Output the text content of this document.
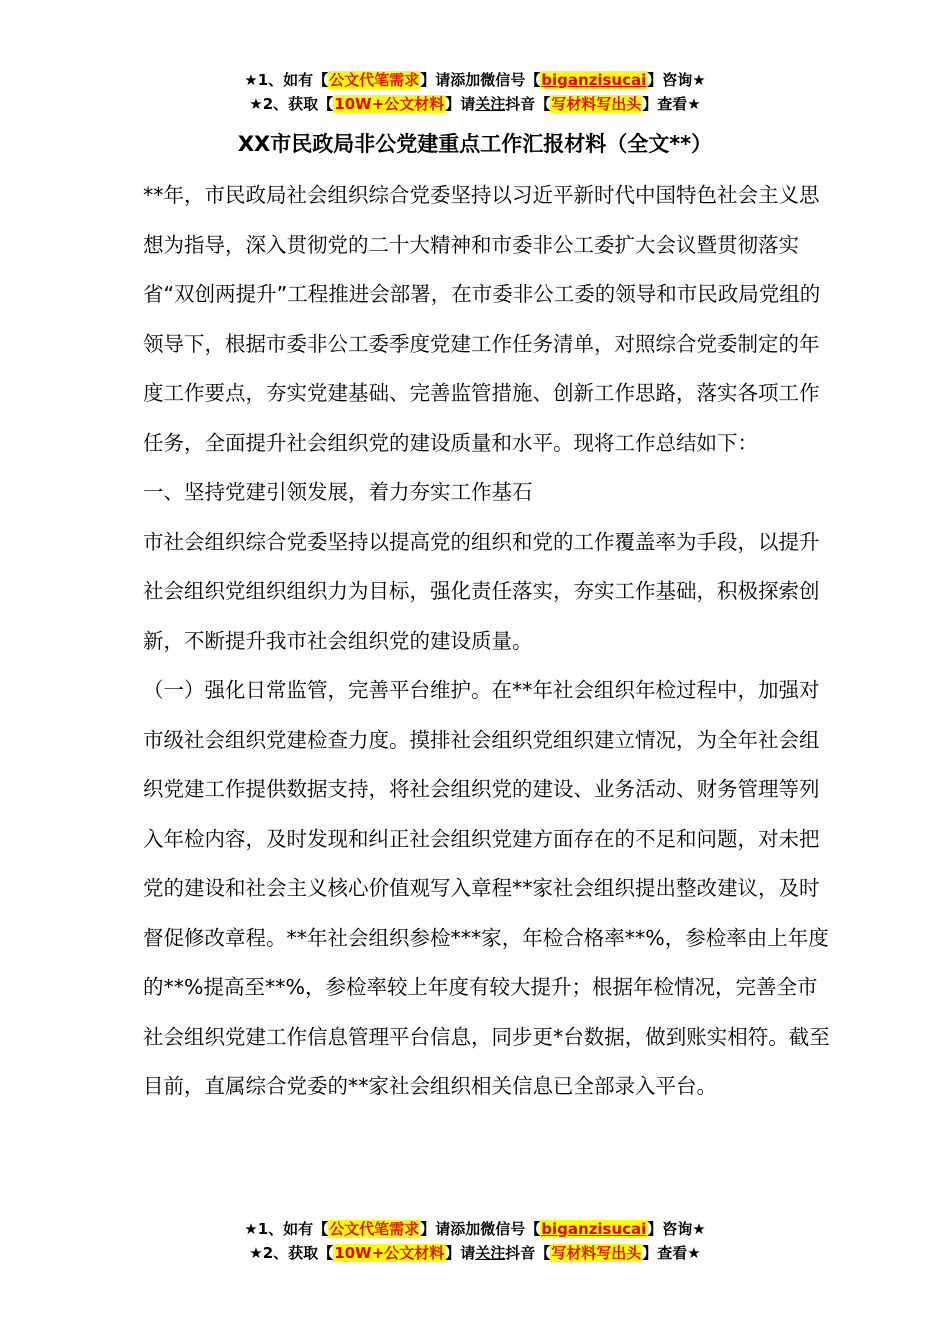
★1、如有【公文代笔需求】请添加微信号【biganzisucai】咨询★
★2、获取【10W+公文材料】请关注抖音【写材料写出头】查看★
XX市民政局非公党建重点工作汇报材料（全文**）

**年，市民政局社会组织综合党委坚持以习近平新时代中国特色社会主义思想为指导，深入贯彻党的二十大精神和市委非公工委扩大会议暨贯彻落实省“双创两提升”工程推进会部署，在市委非公工委的领导和市民政局党组的领导下，根据市委非公工委季度党建工作任务清单，对照综合党委制定的年度工作要点，夯实党建基础、完善监管措施、创新工作思路，落实各项工作任务，全面提升社会组织党的建设质量和水平。现将工作总结如下：

一、坚持党建引领发展，着力夯实工作基石

市社会组织综合党委坚持以提高党的组织和党的工作覆盖率为手段，以提升社会组织党组织组织力为目标，强化责任落实，夯实工作基础，积极探索创新，不断提升我市社会组织党的建设质量。

（一）强化日常监管，完善平台维护。在**年社会组织年检过程中，加强对市级社会组织党建检查力度。摸排社会组织党组织建立情况，为全年社会组织党建工作提供数据支持，将社会组织党的建设、业务活动、财务管理等列入年检内容，及时发现和纠正社会组织党建方面存在的不足和问题，对未把党的建设和社会主义核心价值观写入章程**家社会组织提出整改建议，及时督促修改章程。**年社会组织参检***家，年检合格率**%，参检率由上年度的**%提高至**%，参检率较上年度有较大提升；根据年检情况，完善全市社会组织党建工作信息管理平台信息，同步更*台数据，做到账实相符。截至目前，直属综合党委的**家社会组织相关信息已全部录入平台。

★1、如有【公文代笔需求】请添加微信号【biganzisucai】咨询★
★2、获取【10W+公文材料】请关注抖音【写材料写出头】查看★
